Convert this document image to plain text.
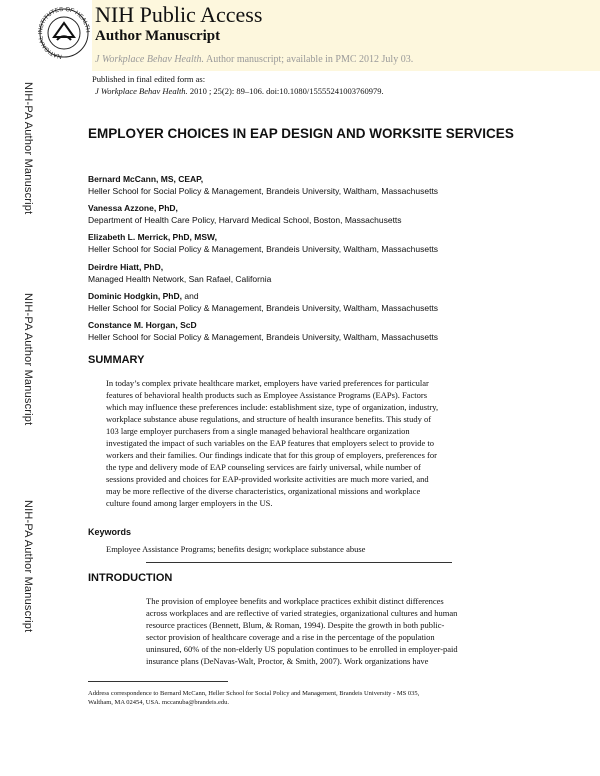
NATIONAL INSTITUTES OF HEALTH
NIH Public Access
Author Manuscript
J Workplace Behav Health. Author manuscript; available in PMC 2012 July 03.
Published in final edited form as:
J Workplace Behav Health. 2010 ; 25(2): 89–106. doi:10.1080/15555241003760979.
NIH-PA Author Manuscript
NIH-PA Author Manuscript
NIH-PA Author Manuscript
EMPLOYER CHOICES IN EAP DESIGN AND WORKSITE SERVICES
Bernard McCann, MS, CEAP,
Heller School for Social Policy & Management, Brandeis University, Waltham, Massachusetts
Vanessa Azzone, PhD,
Department of Health Care Policy, Harvard Medical School, Boston, Massachusetts
Elizabeth L. Merrick, PhD, MSW,
Heller School for Social Policy & Management, Brandeis University, Waltham, Massachusetts
Deirdre Hiatt, PhD,
Managed Health Network, San Rafael, California
Dominic Hodgkin, PhD, and
Heller School for Social Policy & Management, Brandeis University, Waltham, Massachusetts
Constance M. Horgan, ScD
Heller School for Social Policy & Management, Brandeis University, Waltham, Massachusetts
SUMMARY
In today’s complex private healthcare market, employers have varied preferences for particular
features of behavioral health products such as Employee Assistance Programs (EAPs). Factors
which may influence these preferences include: establishment size, type of organization, industry,
workplace substance abuse regulations, and structure of health insurance benefits. This study of
103 large employer purchasers from a single managed behavioral healthcare organization
investigated the impact of such variables on the EAP features that employers select to provide to
workers and their families. Our findings indicate that for this group of employers, preferences for
the type and delivery mode of EAP counseling services are fairly universal, while number of
sessions provided and choices for EAP-provided worksite activities are much more varied, and
may be more reflective of the diverse characteristics, organizational missions and workplace
culture found among larger employers in the US.
Keywords
Employee Assistance Programs; benefits design; workplace substance abuse
INTRODUCTION
The provision of employee benefits and workplace practices exhibit distinct differences
across workplaces and are reflective of varied strategies, organizational cultures and human
resource practices (Bennett, Blum, & Roman, 1994). Despite the growth in both public-
sector provision of healthcare coverage and a rise in the percentage of the population
uninsured, 60% of the non-elderly US population continues to be enrolled in employer-paid
insurance plans (DeNavas-Walt, Proctor, & Smith, 2007). Work organizations have
Address correspondence to Bernard McCann, Heller School for Social Policy and Management, Brandeis University - MS 035,
Waltham, MA 02454, USA. mccanuba@brandeis.edu.
